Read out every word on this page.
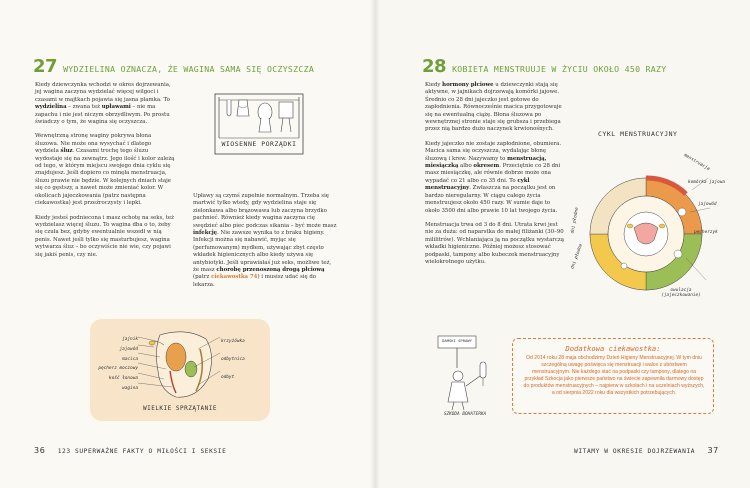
27 WYDZIELINA OZNACZA, ŻE WAGINA SAMA SIĘ OCZYSZCZA

Kiedy dziewczynka wchodzi w okres dojrzewania, jej wagina zaczyna wydzielać więcej wilgoci i czasami w majtkach pojawia się jasna plamka. To wydzielina – zwana też upławami – nie ma zapachu i nie jest niczym obrzydliwym. Po prostu świadczy o tym, że wagina się oczyszcza.

Wewnętrzną stronę waginy pokrywa błona śluzowa. Nie może ona wysychać i dlatego wydziela śluz. Czasami trochę tego śluzu wydostaje się na zewnątrz. Jego ilość i kolor zależą od tego, w którym miejscu swojego dnia cyklu się znajdujesz. Jeśli dopiero co minęła menstruacja, śluzu prawie nie będzie. W kolejnych dniach staje się co gęstszy, a nawet może zmieniać kolor. W okolicach jajeczkowania (patrz następna ciekawostka) jest przeźroczysty i lepki.

Kiedy jesteś podniecona i masz ochotę na seks, też wydzielasz więcej śluzu. To wagina dba o to, żeby się czuła bez, gdyby ewentualnie wszedł w nią penis. Nawet jeśli tylko się masturbujesz, wagina wytwarza śluz – bo oczywiście nie wie, czy pojawi się jakiś penis, czy nie.

WIOSENNE PORZĄDKI

Upławy są czymś zupełnie normalnym. Trzeba się martwić tylko wtedy, gdy wydzielina staje się zielonkawa albo brązowawa lub zaczyna brzydko pachnieć. Również kiedy wagina zaczyna cię swędzieć albo piec podczas sikania – być może masz infekcję. Nie zawsze wynika to z braku higieny. Infekcji można się nabawić, myjąc się (perfumowanym) mydłem, używając zbyt często wkładek higienicznych albo kiedy używa się antybiotyki. Jeśli uprawiałaś już seks, możliwe też, że masz chorobę przenoszoną drogą płciową (patrz ciekawostka 74) i musisz udać się do lekarza.

jajnik
jajowód
macica
pęcherz moczowy
kość łonowa
wagina
krzyżówka
odbytnica
odbyt
WIELKIE SPRZĄTANIE
36 123 SUPERWAŻNE FAKTY O MIŁOŚCI I SEKSIE
28 KOBIETA MENSTRUUJE W ŻYCIU OKOŁO 450 RAZY

Kiedy hormony płciowe u dziewczynki stają się aktywne, w jajnikach dojrzewają komórki jajowe. Średnio co 28 dni jajeczko jest gotowe do zapłodnienia. Równocześnie macica przygotowuje się na ewentualną ciążę. Błona śluzowa po wewnętrznej stronie staje się grubsza i przebiega przez nią bardzo dużo naczynek krwionośnych.

Kiedy jajeczko nie zostaje zapłodnione, obumiera. Macica sama się oczyszcza, wydalając błonę śluzową i krew. Nazywamy to menstruacją, miesiączką albo okresem. Przeciętnie co 28 dni masz miesiączkę, ale równie dobrze może ona wypadać co 21 albo co 35 dni. To cykl menstruacyjny. Zwłaszcza na początku jest on bardzo nieregularny. W ciągu całego życia menstruujesz około 450 razy. W sumie daje to około 3500 dni albo prawie 10 lat twojego życia.

Menstruacja trwa od 3 do 8 dni. Utrata krwi jest nie za duża: od naparstka do małej filiżanki (30–90 mililitrów). Wchłaniająca ją na początku wystarczą wkładki higieniczne. Później możesz stosować podpaski, tampony albo kubeczek menstruacyjny wielokrotnego użytku.

CYKL MENSTRUACYJNY
menstruacja
komórka jajowa
jajowód
pęcherzyk
owulacja (jajeczkowanie)
dni płodne
dni płodne
DAMSKI SPRAWY
SZKODA BOHATERKA
Dodatkowa ciekawostka:
Od 2014 roku 28 maja obchodzimy Dzień Higieny Menstruacyjnej. W tym dniu szczególną uwagę poświęca się menstruacji i walce z ubóstwem menstruacyjnym. Nie każdego stać na podpaski czy tampony, dlatego na przykład Szkocja jako pierwsze państwo na świecie zapewniła darmowy dostęp do produktów menstruacyjnych – najpierw w szkołach i na uczelniach wyższych, a od sierpnia 2022 roku dla wszystkich potrzebujących.
WITAMY W OKRESIE DOJRZEWANIA 37
